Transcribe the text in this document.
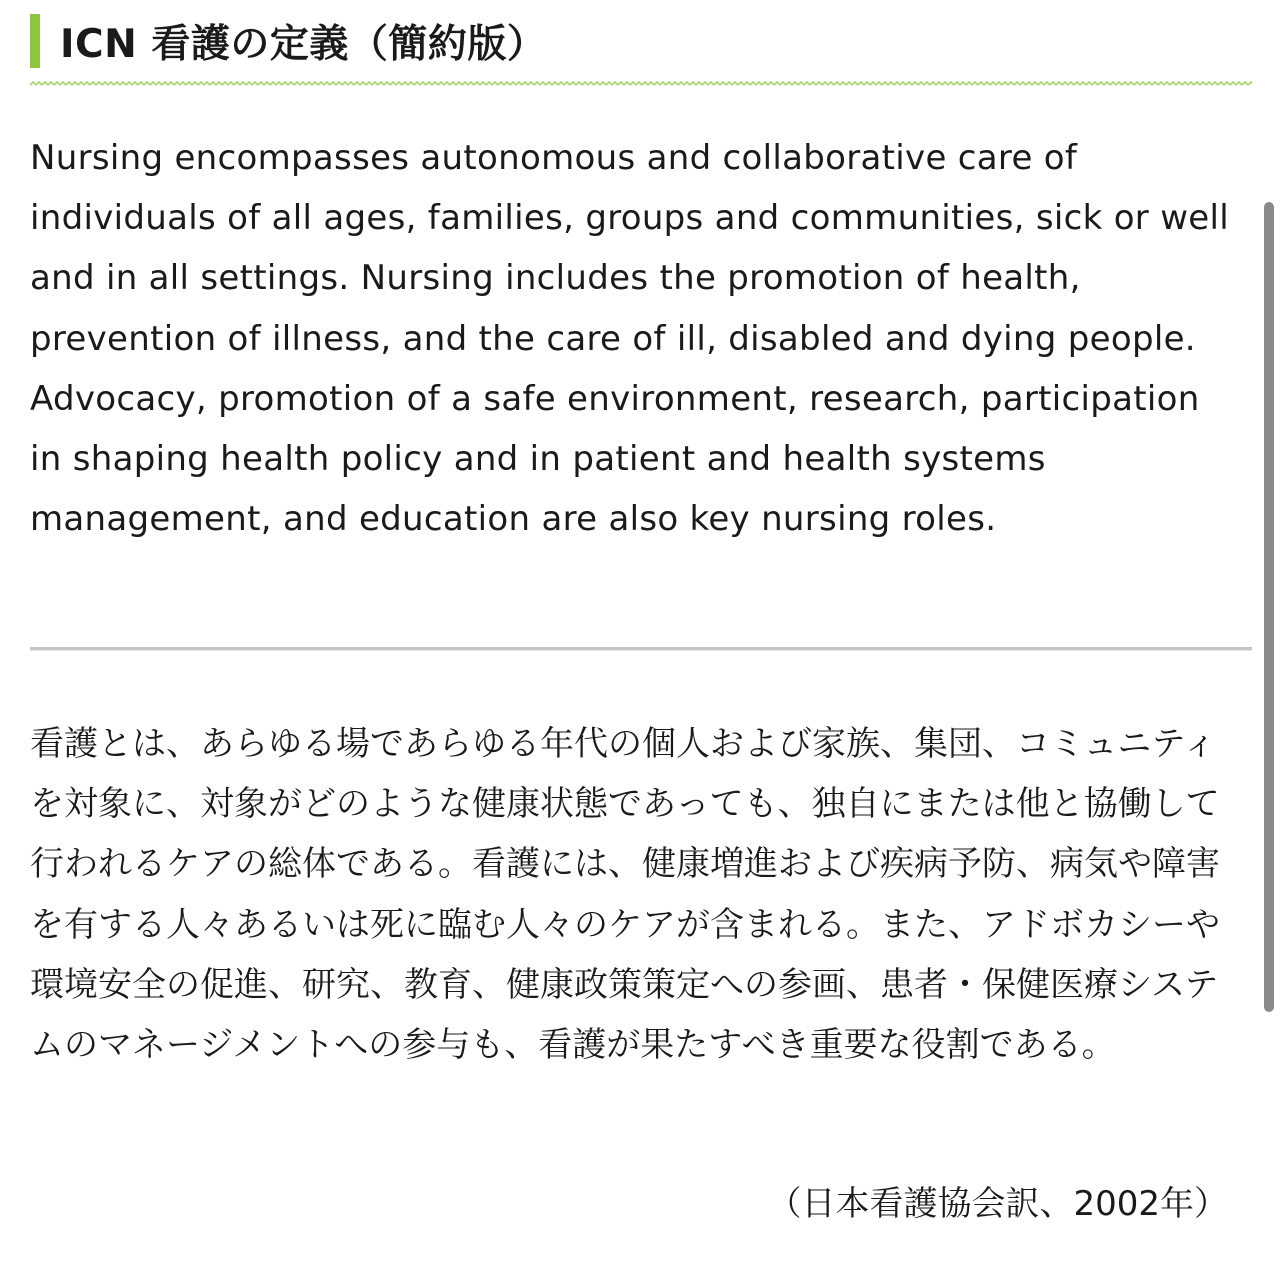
ICN 看護の定義（簡約版）

Nursing encompasses autonomous and collaborative care of individuals of all ages, families, groups and communities, sick or well and in all settings. Nursing includes the promotion of health, prevention of illness, and the care of ill, disabled and dying people. Advocacy, promotion of a safe environment, research, participation in shaping health policy and in patient and health systems management, and education are also key nursing roles.

看護とは、あらゆる場であらゆる年代の個人および家族、集団、コミュニティを対象に、対象がどのような健康状態であっても、独自にまたは他と協働して行われるケアの総体である。看護には、健康増進および疾病予防、病気や障害を有する人々あるいは死に臨む人々のケアが含まれる。また、アドボカシーや環境安全の促進、研究、教育、健康政策策定への参画、患者・保健医療システムのマネージメントへの参与も、看護が果たすべき重要な役割である。

（日本看護協会訳、2002年）
